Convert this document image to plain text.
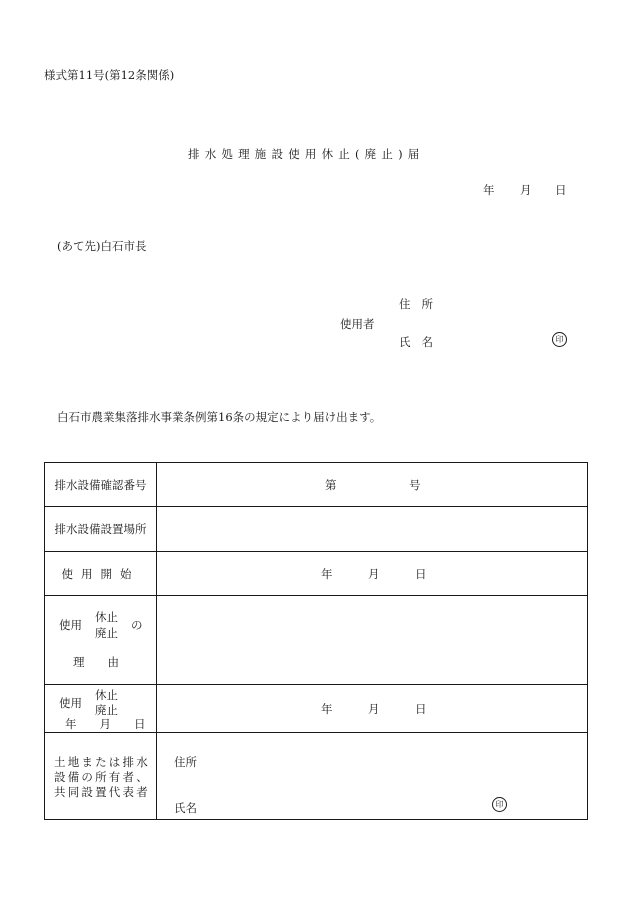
様式第11号(第12条関係)
排水処理施設使用休止(廃止)届
年 月 日
(あて先)白石市長
住所
使用者
氏名	印
白石市農業集落排水事業条例第16条の規定により届け出ます。
排水設備確認番号	第 号

排水設備設置場所	
使用開始	年 月 日

使用
休止
廃止
の
理　　由	

使用
休止
廃止
年　　月　　日	年 月 日

土地または排水
設備の所有者、
共同設置代表者	住所
氏名 印
